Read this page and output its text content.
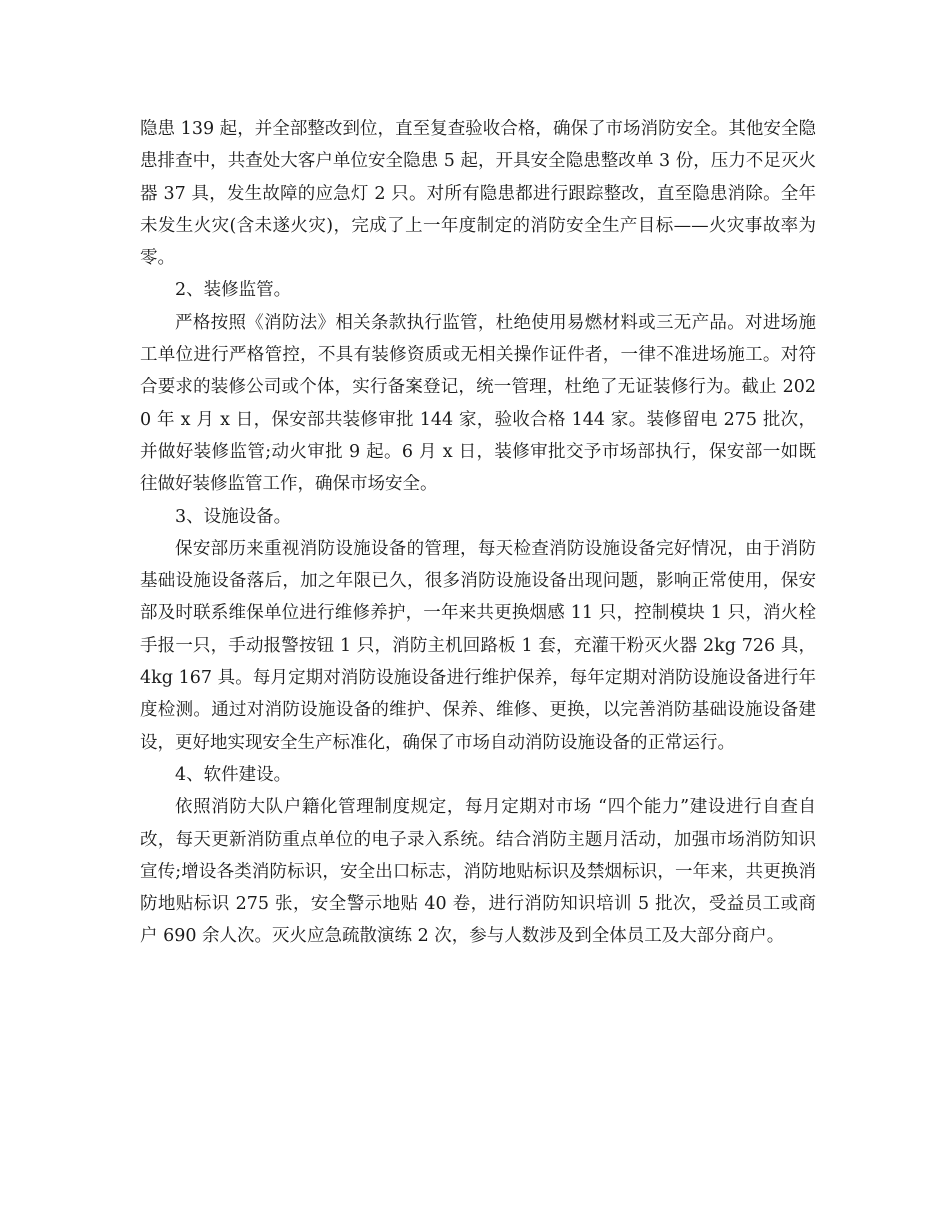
隐患 139 起，并全部整改到位，直至复查验收合格，确保了市场消防安全。其他安全隐患排查中，共查处大客户单位安全隐患 5 起，开具安全隐患整改单 3 份，压力不足灭火器 37 具，发生故障的应急灯 2 只。对所有隐患都进行跟踪整改，直至隐患消除。全年未发生火灾(含未遂火灾)，完成了上一年度制定的消防安全生产目标——火灾事故率为零。

2、装修监管。

严格按照《消防法》相关条款执行监管，杜绝使用易燃材料或三无产品。对进场施工单位进行严格管控，不具有装修资质或无相关操作证件者，一律不准进场施工。对符合要求的装修公司或个体，实行备案登记，统一管理，杜绝了无证装修行为。截止 2020 年 x 月 x 日，保安部共装修审批 144 家，验收合格 144 家。装修留电 275 批次，并做好装修监管;动火审批 9 起。6 月 x 日，装修审批交予市场部执行，保安部一如既往做好装修监管工作，确保市场安全。

3、设施设备。

保安部历来重视消防设施设备的管理，每天检查消防设施设备完好情况，由于消防基础设施设备落后，加之年限已久，很多消防设施设备出现问题，影响正常使用，保安部及时联系维保单位进行维修养护，一年来共更换烟感 11 只，控制模块 1 只，消火栓手报一只，手动报警按钮 1 只，消防主机回路板 1 套，充灌干粉灭火器 2kg 726 具，4kg 167 具。每月定期对消防设施设备进行维护保养，每年定期对消防设施设备进行年度检测。通过对消防设施设备的维护、保养、维修、更换，以完善消防基础设施设备建设，更好地实现安全生产标准化，确保了市场自动消防设施设备的正常运行。

4、软件建设。

依照消防大队户籍化管理制度规定，每月定期对市场 “四个能力”建设进行自查自改，每天更新消防重点单位的电子录入系统。结合消防主题月活动，加强市场消防知识宣传;增设各类消防标识，安全出口标志，消防地贴标识及禁烟标识，一年来，共更换消防地贴标识 275 张，安全警示地贴 40 卷，进行消防知识培训 5 批次，受益员工或商户 690 余人次。灭火应急疏散演练 2 次，参与人数涉及到全体员工及大部分商户。
